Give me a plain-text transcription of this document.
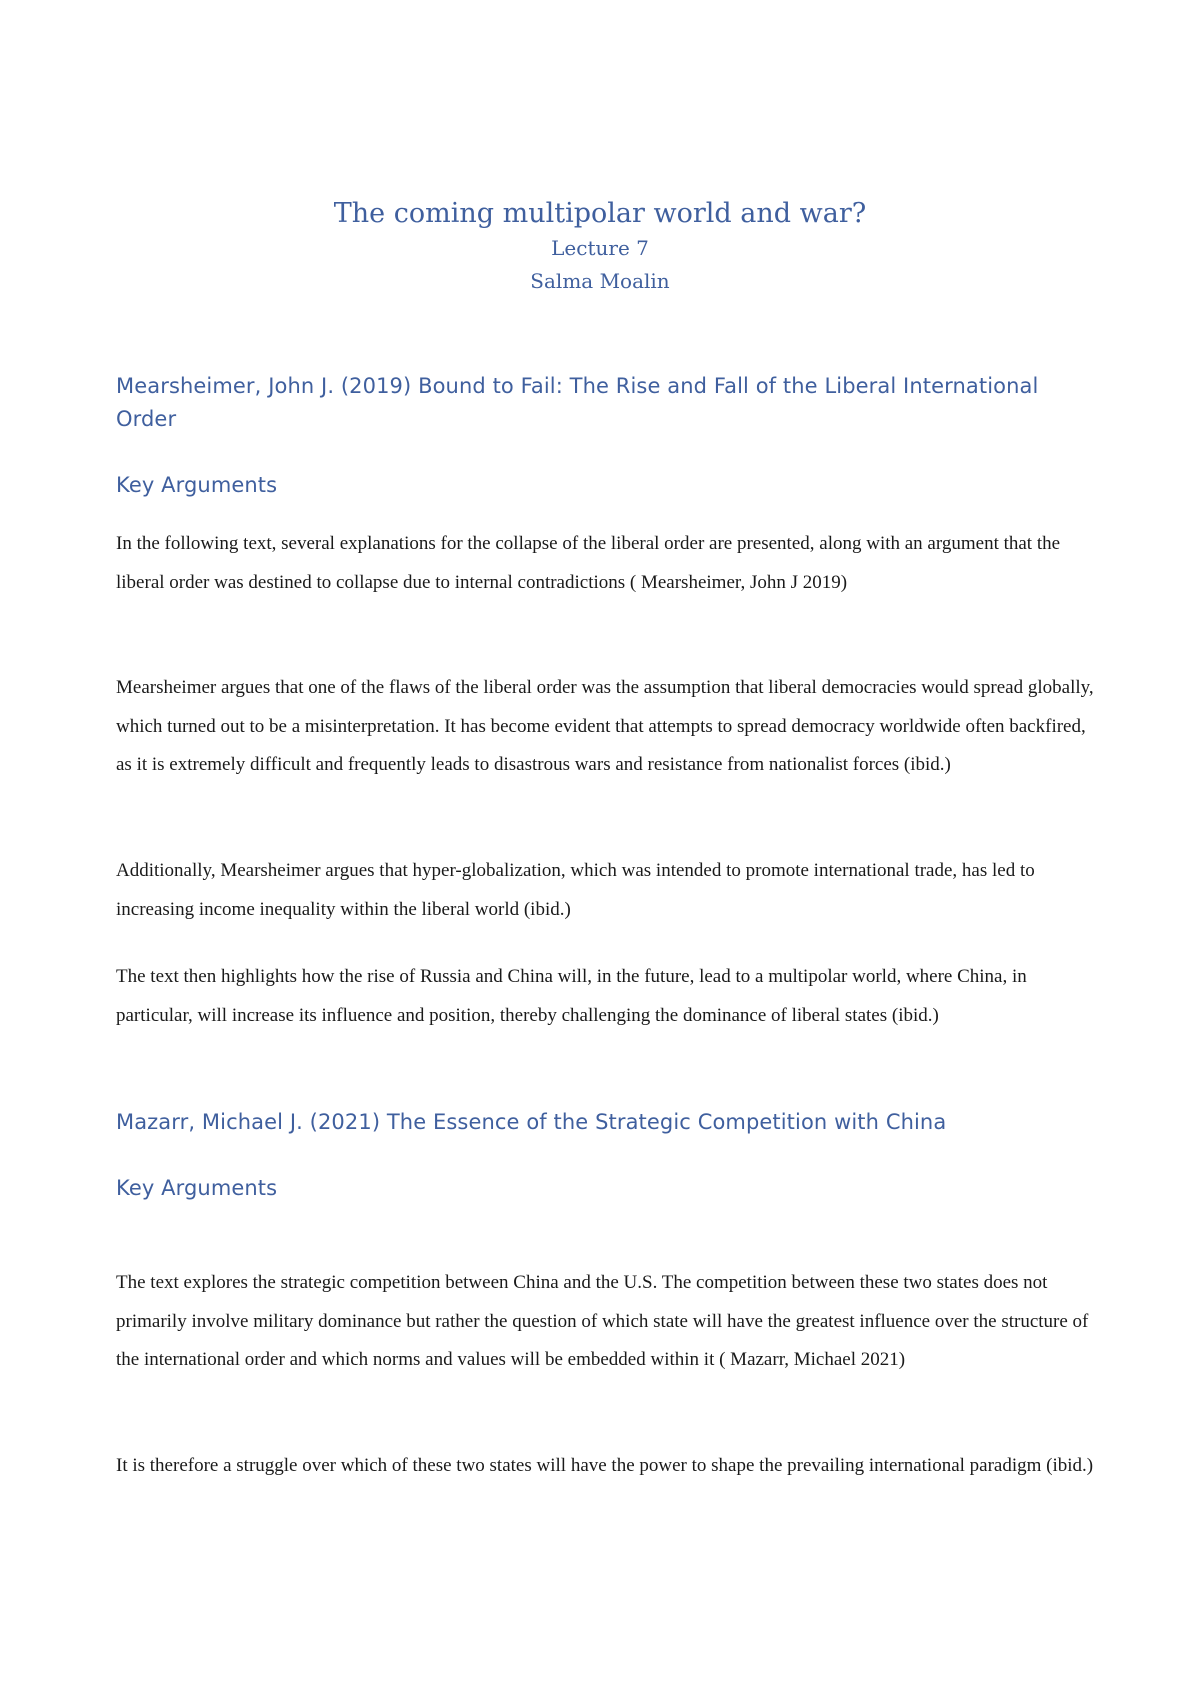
The coming multipolar world and war?

Lecture 7

Salma Moalin

Mearsheimer, John J. (2019) Bound to Fail: The Rise and Fall of the Liberal International Order
Key Arguments

In the following text, several explanations for the collapse of the liberal order are presented, along with an argument that the liberal order was destined to collapse due to internal contradictions ( Mearsheimer, John J 2019)

Mearsheimer argues that one of the flaws of the liberal order was the assumption that liberal democracies would spread globally, which turned out to be a misinterpretation. It has become evident that attempts to spread democracy worldwide often backfired, as it is extremely difficult and frequently leads to disastrous wars and resistance from nationalist forces (ibid.)

Additionally, Mearsheimer argues that hyper-globalization, which was intended to promote international trade, has led to increasing income inequality within the liberal world (ibid.)

The text then highlights how the rise of Russia and China will, in the future, lead to a multipolar world, where China, in particular, will increase its influence and position, thereby challenging the dominance of liberal states (ibid.)

Mazarr, Michael J. (2021) The Essence of the Strategic Competition with China
Key Arguments

The text explores the strategic competition between China and the U.S. The competition between these two states does not primarily involve military dominance but rather the question of which state will have the greatest influence over the structure of the international order and which norms and values will be embedded within it ( Mazarr, Michael 2021)

It is therefore a struggle over which of these two states will have the power to shape the prevailing international paradigm (ibid.)
